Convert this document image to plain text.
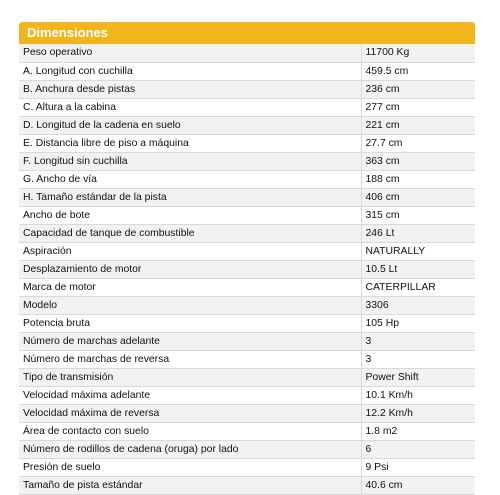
Dimensiones
Peso operativo	11700 Kg
A. Longitud con cuchilla	459.5 cm
B. Anchura desde pistas	236 cm
C. Altura a la cabina	277 cm
D. Longitud de la cadena en suelo	221 cm
E. Distancia libre de piso a máquina	27.7 cm
F. Longitud sin cuchilla	363 cm
G. Ancho de vía	188 cm
H. Tamaño estándar de la pista	406 cm
Ancho de bote	315 cm
Capacidad de tanque de combustible	246 Lt
Aspiración	NATURALLY
Desplazamiento de motor	10.5 Lt
Marca de motor	CATERPILLAR
Modelo	3306
Potencia bruta	105 Hp
Número de marchas adelante	3
Número de marchas de reversa	3
Tipo de transmisión	Power Shift
Velocidad máxima adelante	10.1 Km/h
Velocidad máxima de reversa	12.2 Km/h
Área de contacto con suelo	1.8 m2
Número de rodillos de cadena (oruga) por lado	6
Presión de suelo	9 Psi
Tamaño de pista estándar	40.6 cm
